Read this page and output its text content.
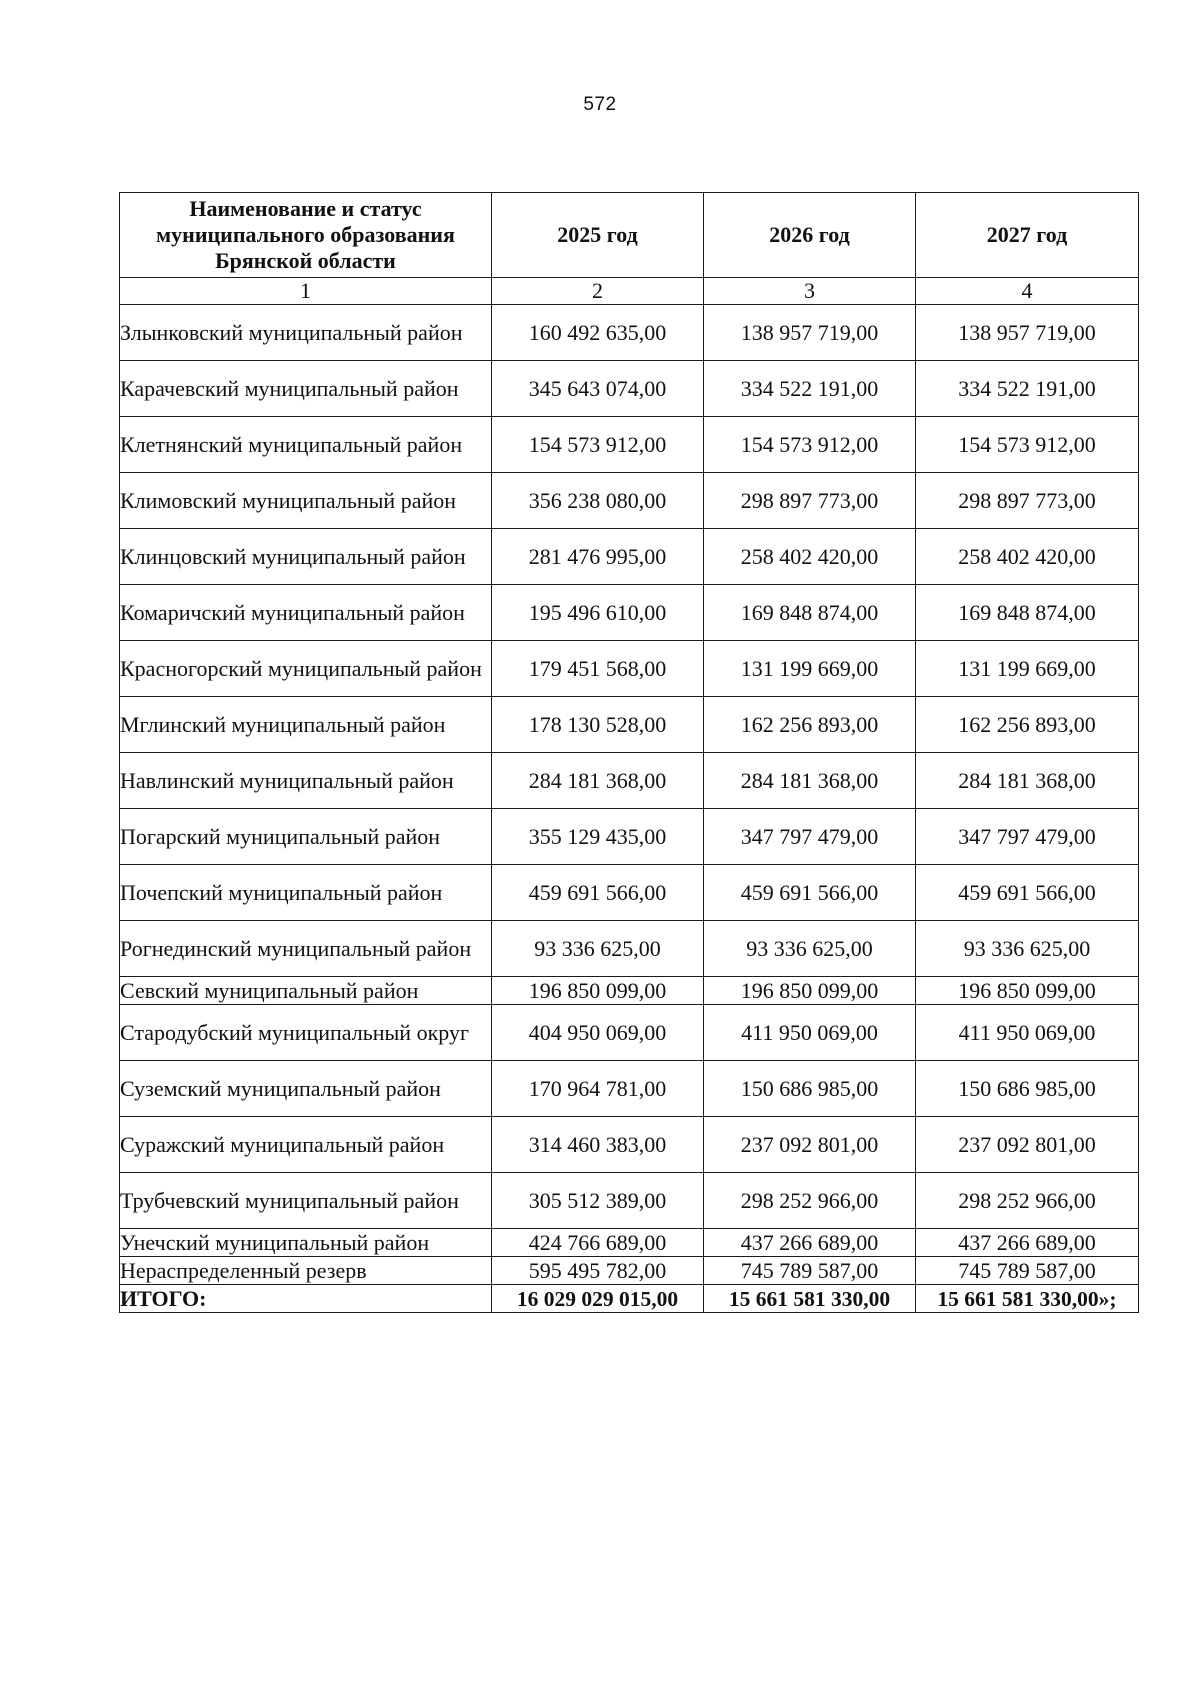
572
Наименование и статус
муниципального образования
Брянской области	2025 год	2026 год	2027 год
1	2	3	4
Злынковский муниципальный район	160 492 635,00	138 957 719,00	138 957 719,00
Карачевский муниципальный район	345 643 074,00	334 522 191,00	334 522 191,00
Клетнянский муниципальный район	154 573 912,00	154 573 912,00	154 573 912,00
Климовский муниципальный район	356 238 080,00	298 897 773,00	298 897 773,00
Клинцовский муниципальный район	281 476 995,00	258 402 420,00	258 402 420,00
Комаричский муниципальный район	195 496 610,00	169 848 874,00	169 848 874,00
Красногорский муниципальный район	179 451 568,00	131 199 669,00	131 199 669,00
Мглинский муниципальный район	178 130 528,00	162 256 893,00	162 256 893,00
Навлинский муниципальный район	284 181 368,00	284 181 368,00	284 181 368,00
Погарский муниципальный район	355 129 435,00	347 797 479,00	347 797 479,00
Почепский муниципальный район	459 691 566,00	459 691 566,00	459 691 566,00
Рогнединский муниципальный район	93 336 625,00	93 336 625,00	93 336 625,00
Севский муниципальный район	196 850 099,00	196 850 099,00	196 850 099,00
Стародубский муниципальный округ	404 950 069,00	411 950 069,00	411 950 069,00
Суземский муниципальный район	170 964 781,00	150 686 985,00	150 686 985,00
Суражский муниципальный район	314 460 383,00	237 092 801,00	237 092 801,00
Трубчевский муниципальный район	305 512 389,00	298 252 966,00	298 252 966,00
Унечский муниципальный район	424 766 689,00	437 266 689,00	437 266 689,00
Нераспределенный резерв	595 495 782,00	745 789 587,00	745 789 587,00
ИТОГО:	16 029 029 015,00	15 661 581 330,00	15 661 581 330,00»;
